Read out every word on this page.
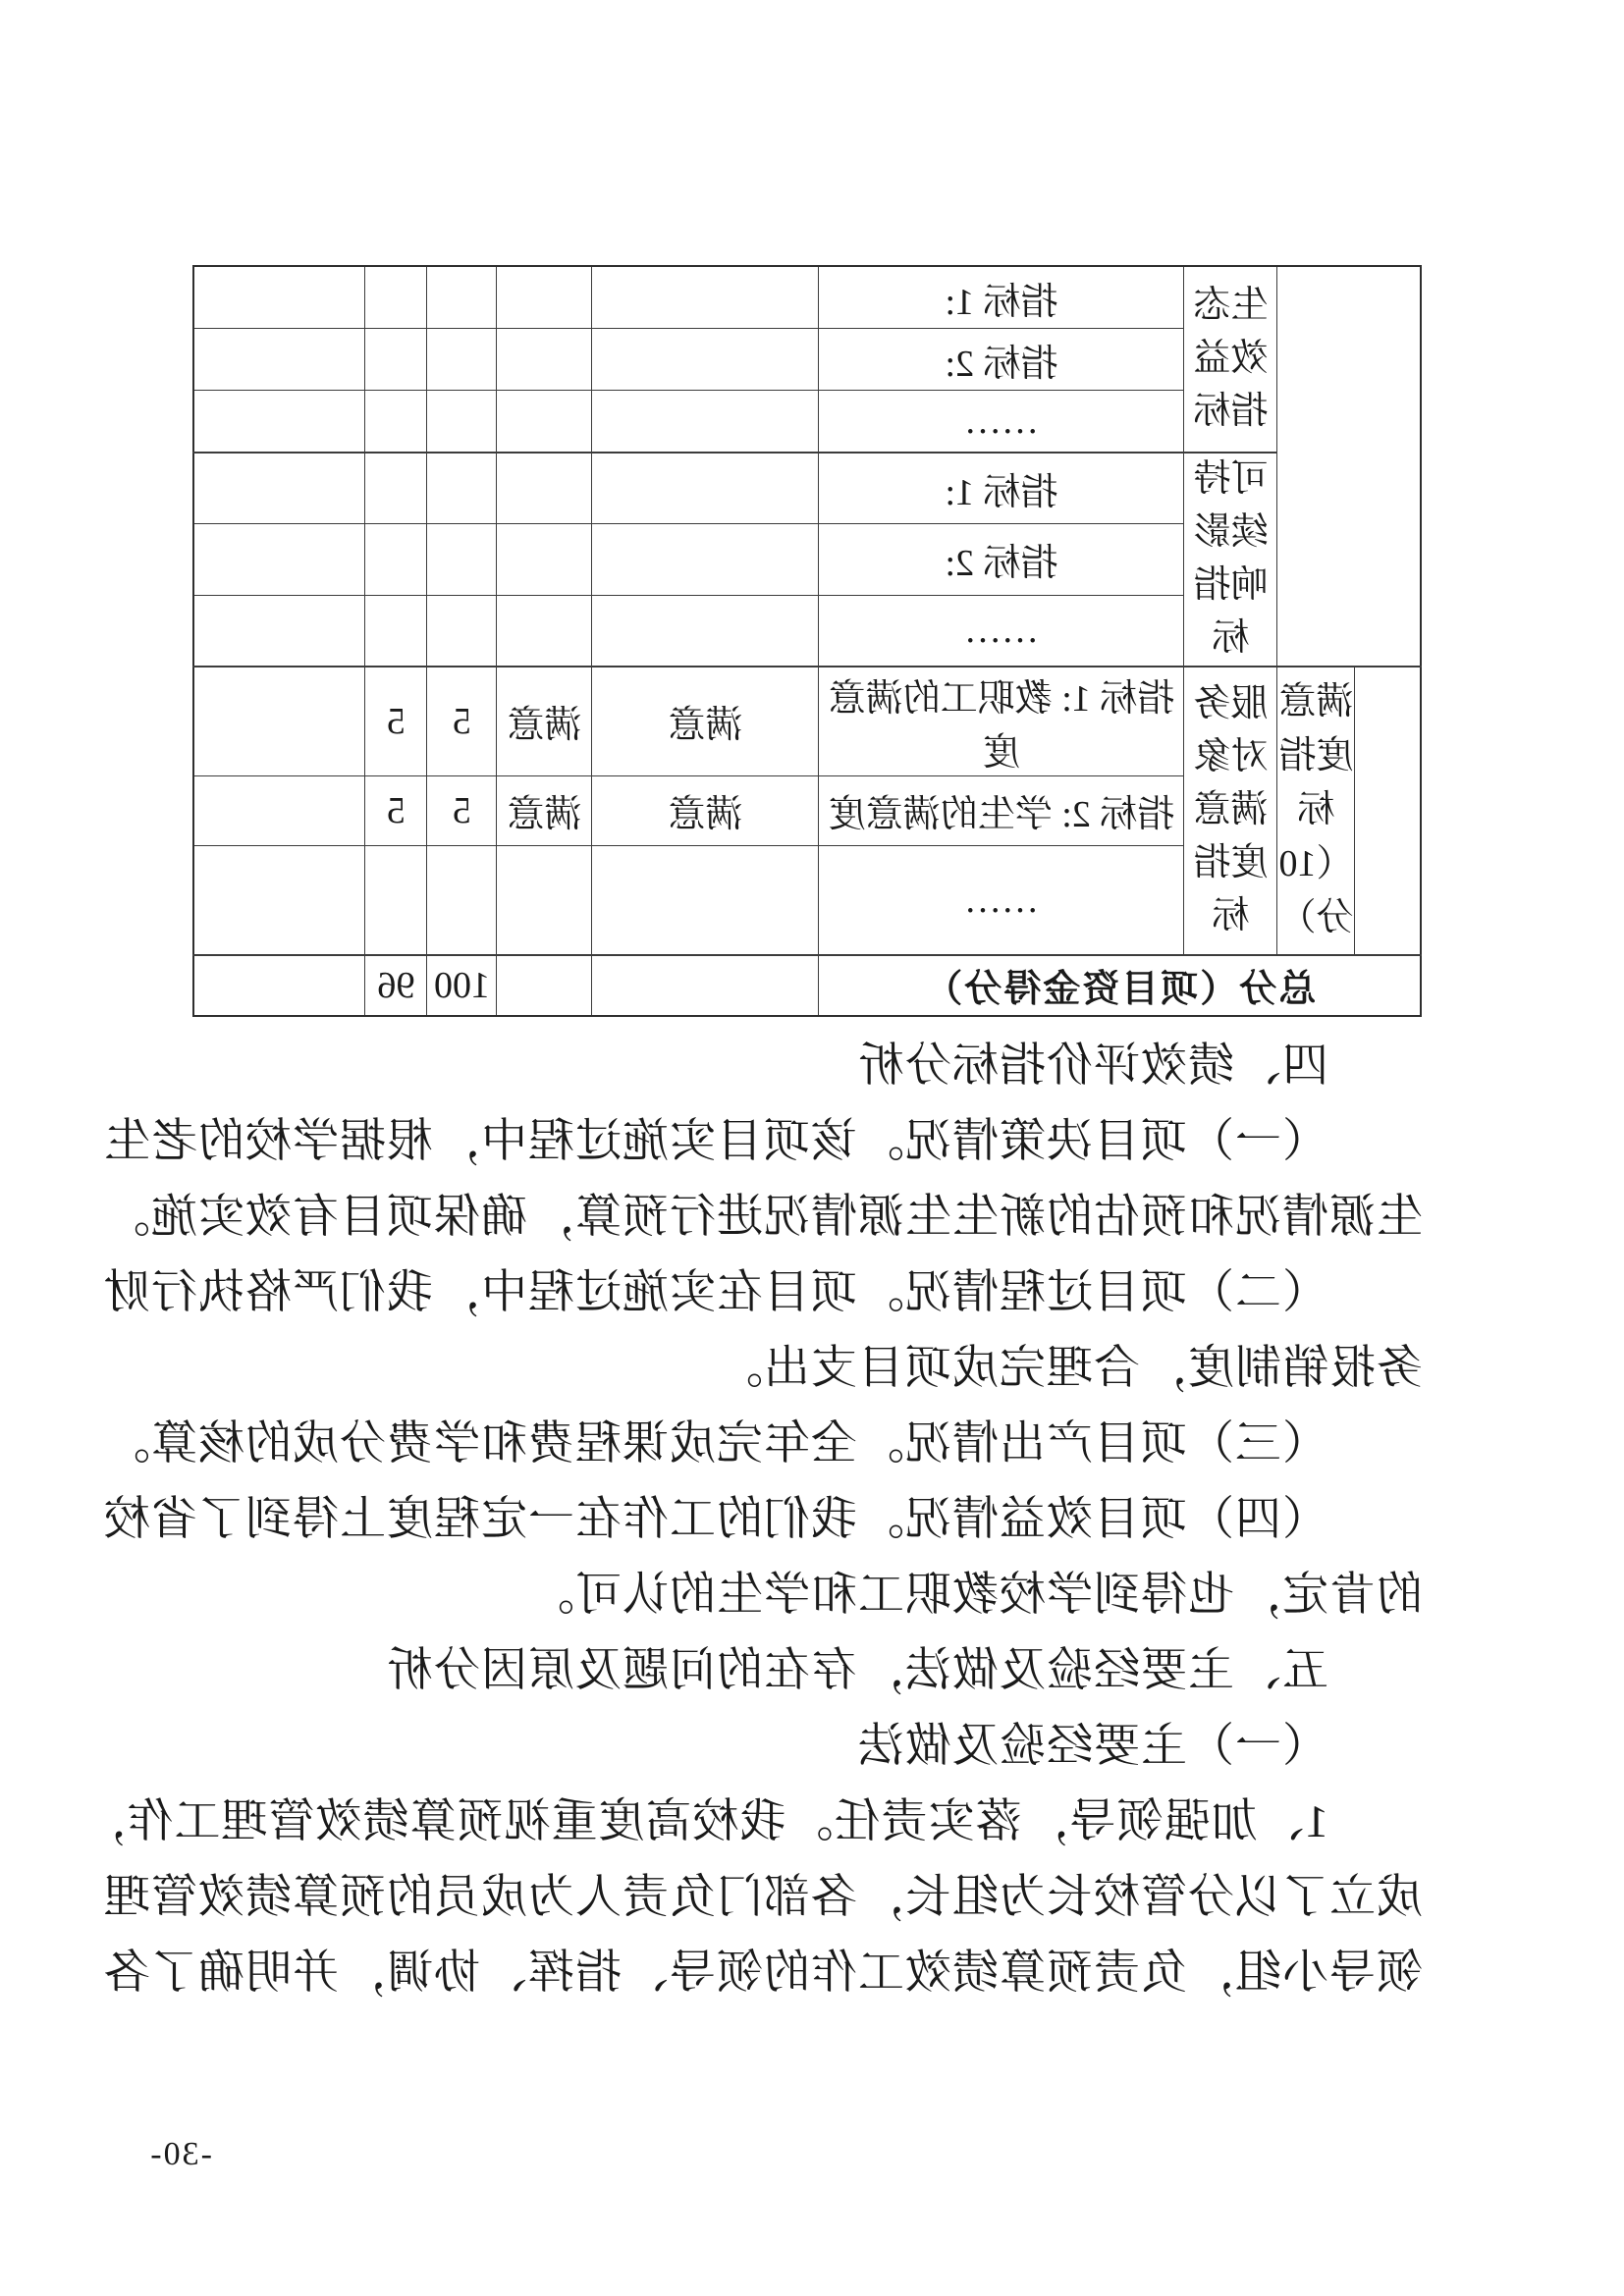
		生态效益指标	指标 1:					
			指标 2:					
			……					
		可持续影响指标	指标 1:					
			指标 2:					
			……					
	满意度指标（10分）	服务对象满意度指标	指标 1: 教职工的满意度	满意	满意	5	5	
			指标 2: 学生的满意度	满意	满意	5	5	
			……					
总分（项目资金得分）						100	96	
四、绩效评价指标分析
（一）项目决策情况。该项目实施过程中，根据学校的老生
生源情况和预估的新生生源情况进行预算，确保项目有效实施。
（二）项目过程情况。项目在实施过程中，我们严格执行财
务报销制度，合理完成项目支出。
（三）项目产出情况。全年完成课程费和学费分成的核算。
（四）项目效益情况。我们的工作在一定程度上得到了省校
的肯定，也得到学校教职工和学生的认可。
五、主要经验及做法，存在的问题及原因分析
（一）主要经验及做法
1、加强领导，落实责任。我校高度重视预算绩效管理工作，
成立了以分管校长为组长，各部门负责人为成员的预算绩效管理
领导小组，负责预算绩效工作的领导、指挥、协调，并明确了各
-30-
